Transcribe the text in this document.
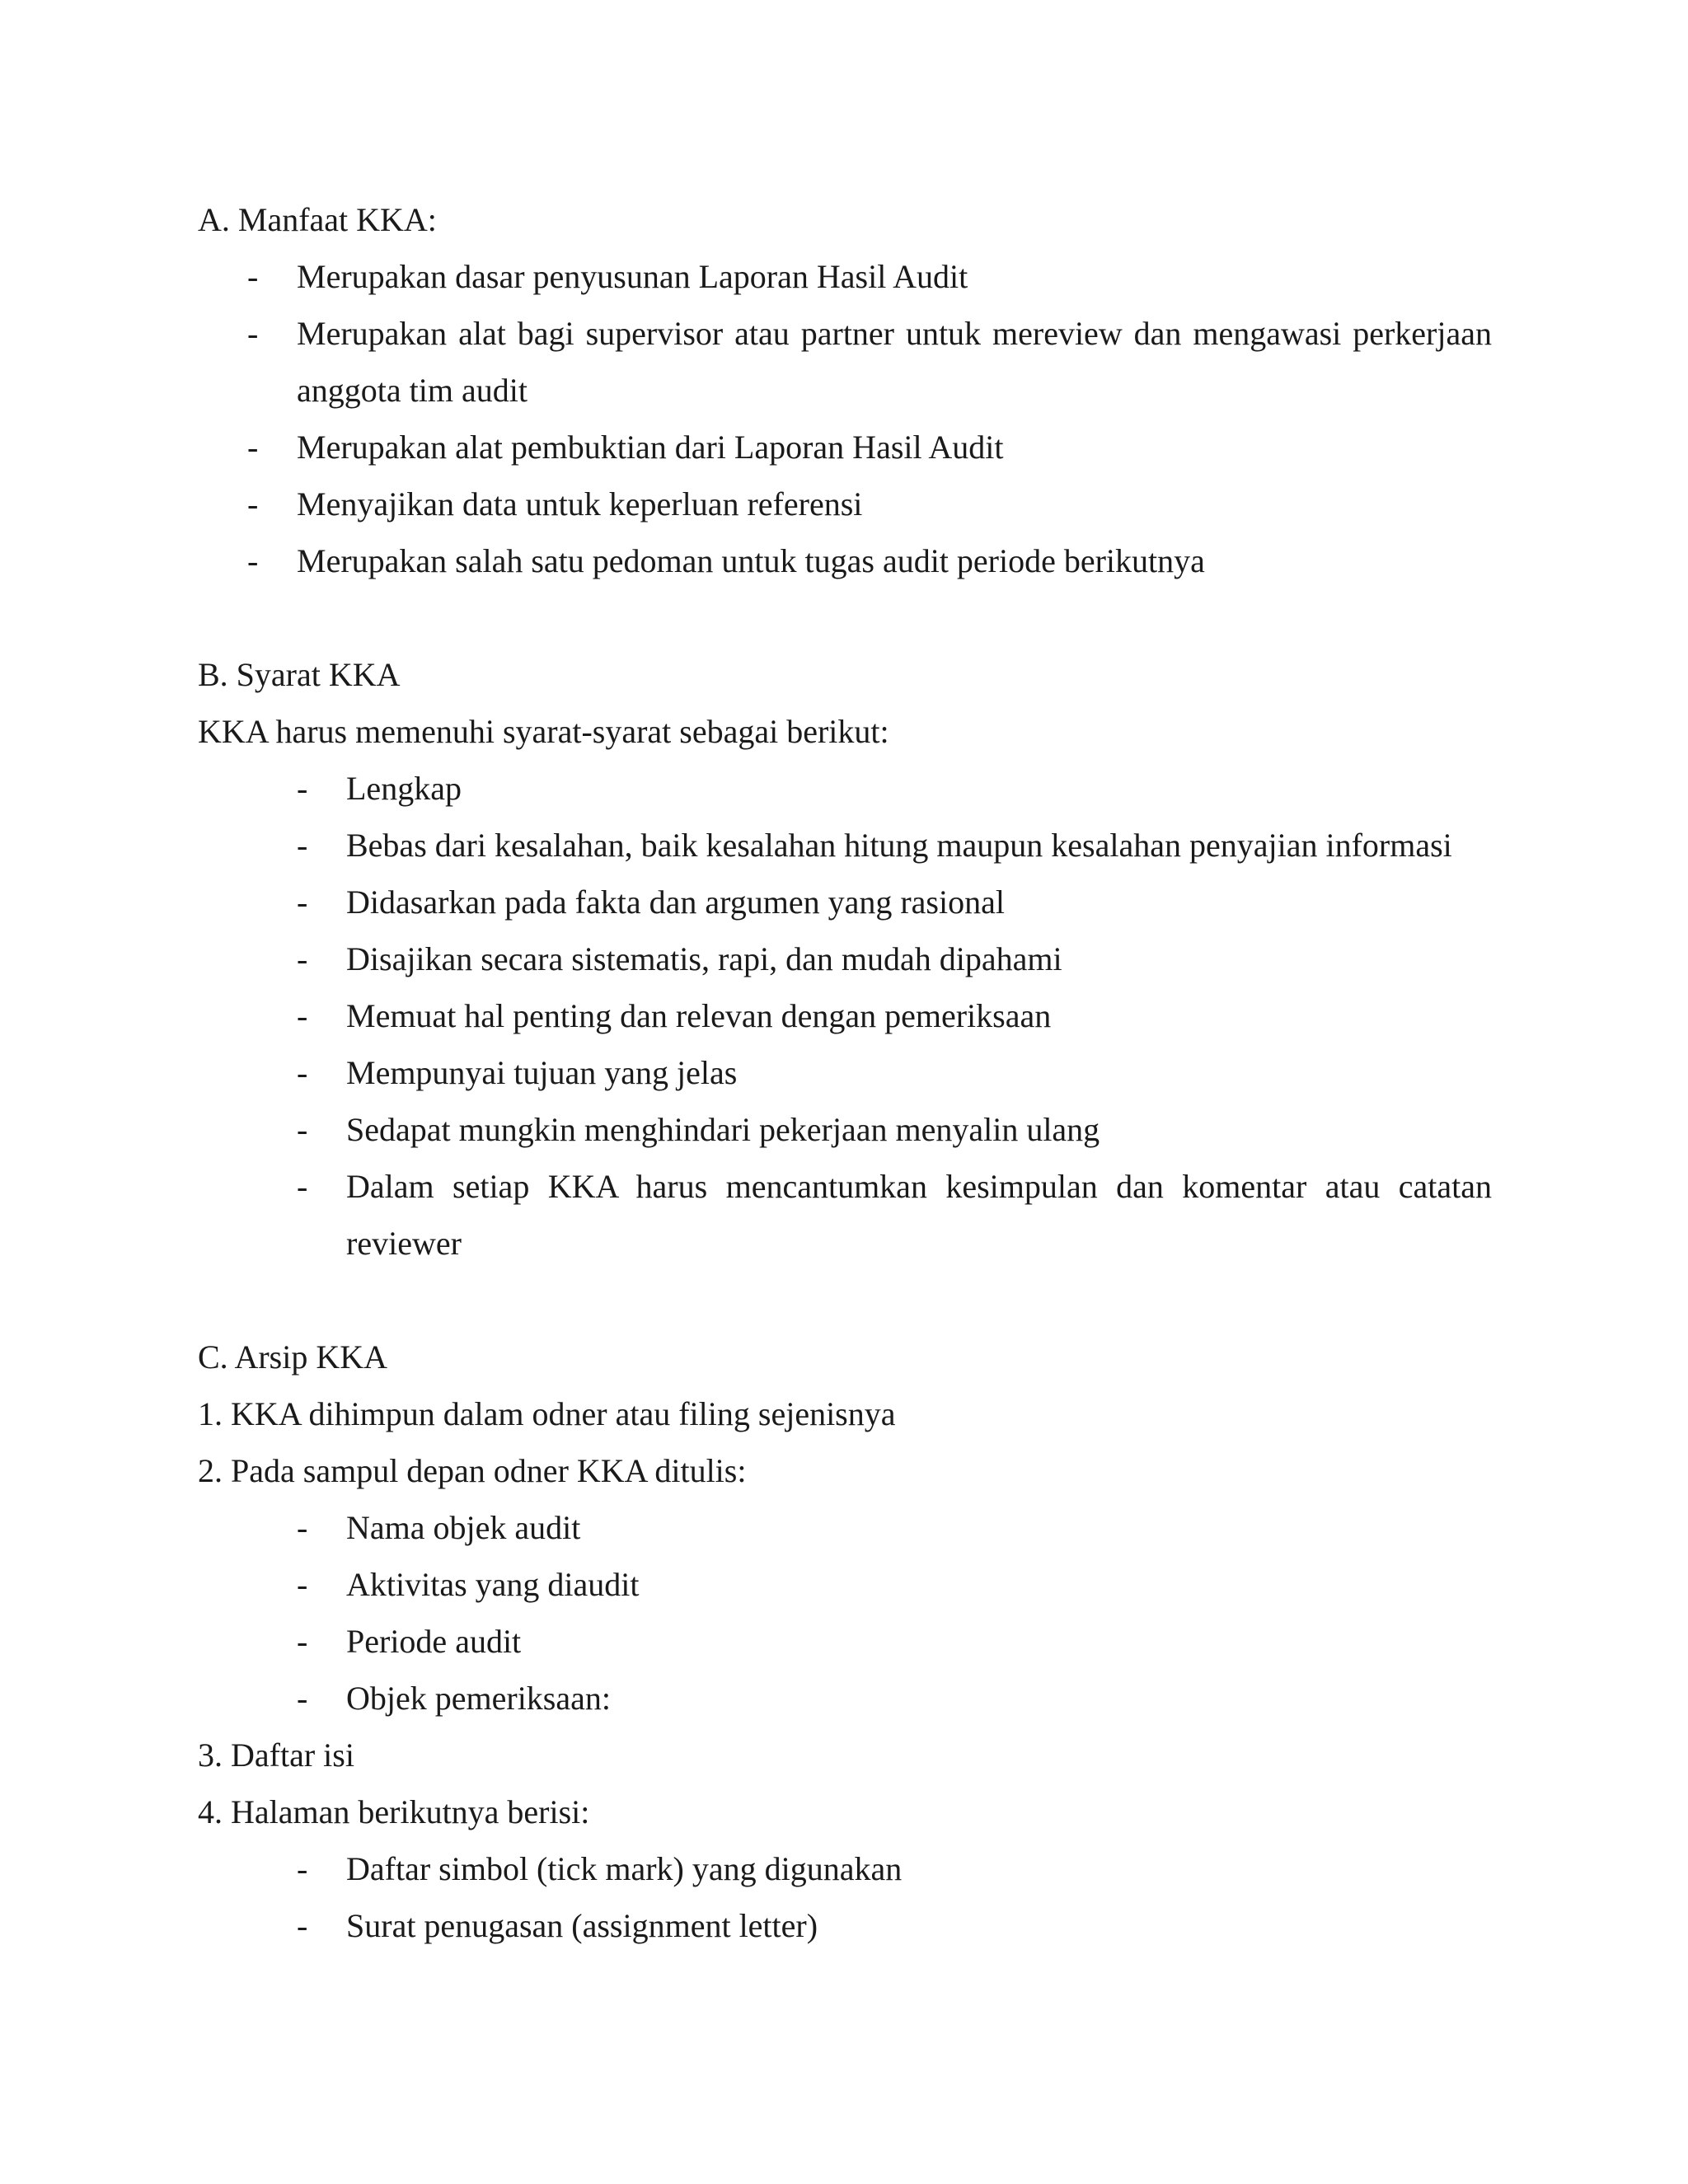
A. Manfaat KKA:

-	Merupakan dasar penyusunan Laporan Hasil Audit
-	Merupakan alat bagi supervisor atau partner untuk mereview dan mengawasi perkerjaan anggota tim audit
-	Merupakan alat pembuktian dari Laporan Hasil Audit
-	Menyajikan data untuk keperluan referensi
-	Merupakan salah satu pedoman untuk tugas audit periode berikutnya

B. Syarat KKA

KKA harus memenuhi syarat-syarat sebagai berikut:

-	Lengkap
-	Bebas dari kesalahan, baik kesalahan hitung maupun kesalahan penyajian informasi
-	Didasarkan pada fakta dan argumen yang rasional
-	Disajikan secara sistematis, rapi, dan mudah dipahami
-	Memuat hal penting dan relevan dengan pemeriksaan
-	Mempunyai tujuan yang jelas
-	Sedapat mungkin menghindari pekerjaan menyalin ulang
-	Dalam setiap KKA harus mencantumkan kesimpulan dan komentar atau catatan reviewer

C. Arsip KKA

1. KKA dihimpun dalam odner atau filing sejenisnya

2. Pada sampul depan odner KKA ditulis:

-	Nama objek audit
-	Aktivitas yang diaudit
-	Periode audit
-	Objek pemeriksaan:

3. Daftar isi

4. Halaman berikutnya berisi:

-	Daftar simbol (tick mark) yang digunakan
-	Surat penugasan (assignment letter)
